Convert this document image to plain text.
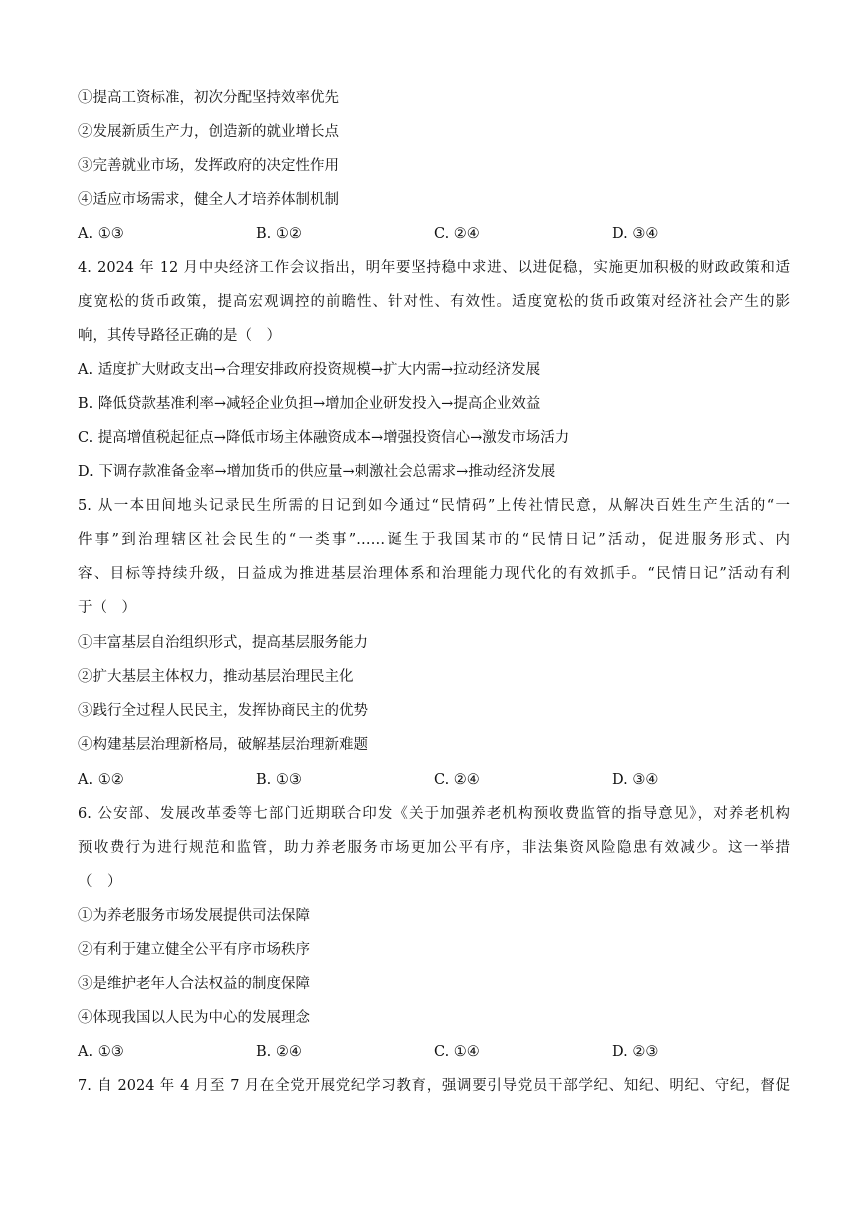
①提高工资标准，初次分配坚持效率优先
②发展新质生产力，创造新的就业增长点
③完善就业市场，发挥政府的决定性作用
④适应市场需求，健全人才培养体制机制
A. ①③	B. ①②	C. ②④	D. ③④
4. 2024 年 12 月中央经济工作会议指出，明年要坚持稳中求进、以进促稳，实施更加积极的财政政策和适
度宽松的货币政策，提高宏观调控的前瞻性、针对性、有效性。适度宽松的货币政策对经济社会产生的影
响，其传导路径正确的是（　）
A. 适度扩大财政支出→合理安排政府投资规模→扩大内需→拉动经济发展
B. 降低贷款基准利率→减轻企业负担→增加企业研发投入→提高企业效益
C. 提高增值税起征点→降低市场主体融资成本→增强投资信心→激发市场活力
D. 下调存款准备金率→增加货币的供应量→刺激社会总需求→推动经济发展
5. 从一本田间地头记录民生所需的日记到如今通过“民情码”上传社情民意，从解决百姓生产生活的“一
件事”到治理辖区社会民生的“一类事”……诞生于我国某市的“民情日记”活动，促进服务形式、内
容、目标等持续升级，日益成为推进基层治理体系和治理能力现代化的有效抓手。“民情日记”活动有利
于（　）
①丰富基层自治组织形式，提高基层服务能力
②扩大基层主体权力，推动基层治理民主化
③践行全过程人民民主，发挥协商民主的优势
④构建基层治理新格局，破解基层治理新难题
A. ①②	B. ①③	C. ②④	D. ③④
6. 公安部、发展改革委等七部门近期联合印发《关于加强养老机构预收费监管的指导意见》，对养老机构
预收费行为进行规范和监管，助力养老服务市场更加公平有序，非法集资风险隐患有效减少。这一举措
（　）
①为养老服务市场发展提供司法保障
②有利于建立健全公平有序市场秩序
③是维护老年人合法权益的制度保障
④体现我国以人民为中心的发展理念
A. ①③	B. ②④	C. ①④	D. ②③
7. 自 2024 年 4 月至 7 月在全党开展党纪学习教育，强调要引导党员干部学纪、知纪、明纪、守纪，督促
